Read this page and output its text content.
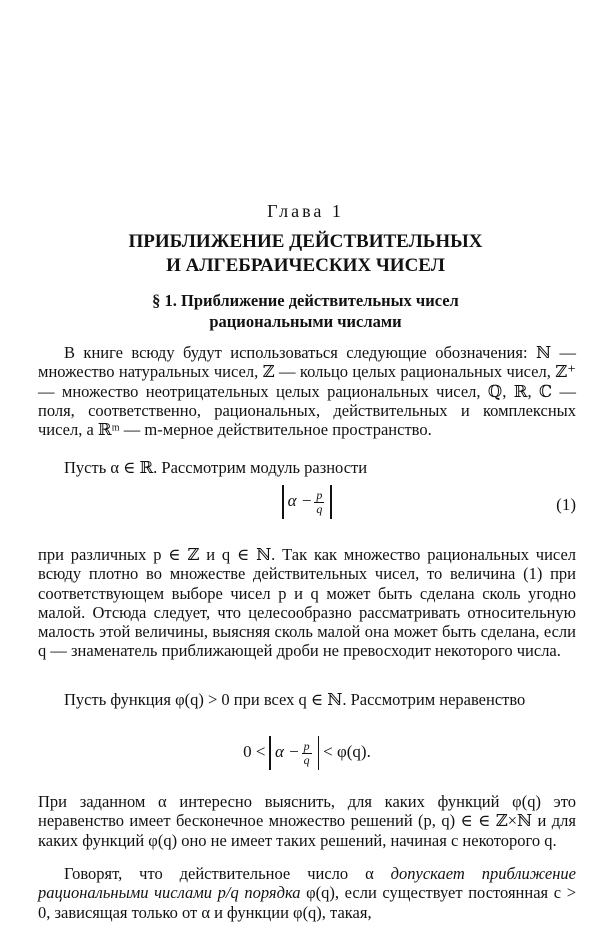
Глава 1
ПРИБЛИЖЕНИЕ ДЕЙСТВИТЕЛЬНЫХ
И АЛГЕБРАИЧЕСКИХ ЧИСЕЛ
§ 1. Приближение действительных чисел
рациональными числами
В книге всюду будут использоваться следующие обозначения: ℕ — множество натуральных чисел, ℤ — кольцо целых рациональных чисел, ℤ⁺ — множество неотрицательных целых рациональных чисел, ℚ, ℝ, ℂ — поля, соответственно, рациональных, действительных и комплексных чисел, а ℝᵐ — m-мерное действительное пространство.
Пусть α ∈ ℝ. Рассмотрим модуль разности
$\alpha - \frac{p}{q}$	(1)
при различных p ∈ ℤ и q ∈ ℕ. Так как множество рациональных чисел всюду плотно во множестве действительных чисел, то величина (1) при соответствующем выборе чисел p и q может быть сделана сколь угодно малой. Отсюда следует, что целесообразно рассматривать относительную малость этой величины, выясняя сколь малой она может быть сделана, если q — знаменатель приближающей дроби не превосходит некоторого числа.
Пусть функция φ(q) > 0 при всех q ∈ ℕ. Рассмотрим неравенство
$0 < \alpha - \frac{p}{q} < \varphi(q)$.
При заданном α интересно выяснить, для каких функций φ(q) это неравенство имеет бесконечное множество решений (p, q) ∈ ∈ ℤ×ℕ и для каких функций φ(q) оно не имеет таких решений, начиная с некоторого q.
Говорят, что действительное число α допускает приближение рациональными числами p/q порядка φ(q), если существует постоянная c > 0, зависящая только от α и функции φ(q), такая,
